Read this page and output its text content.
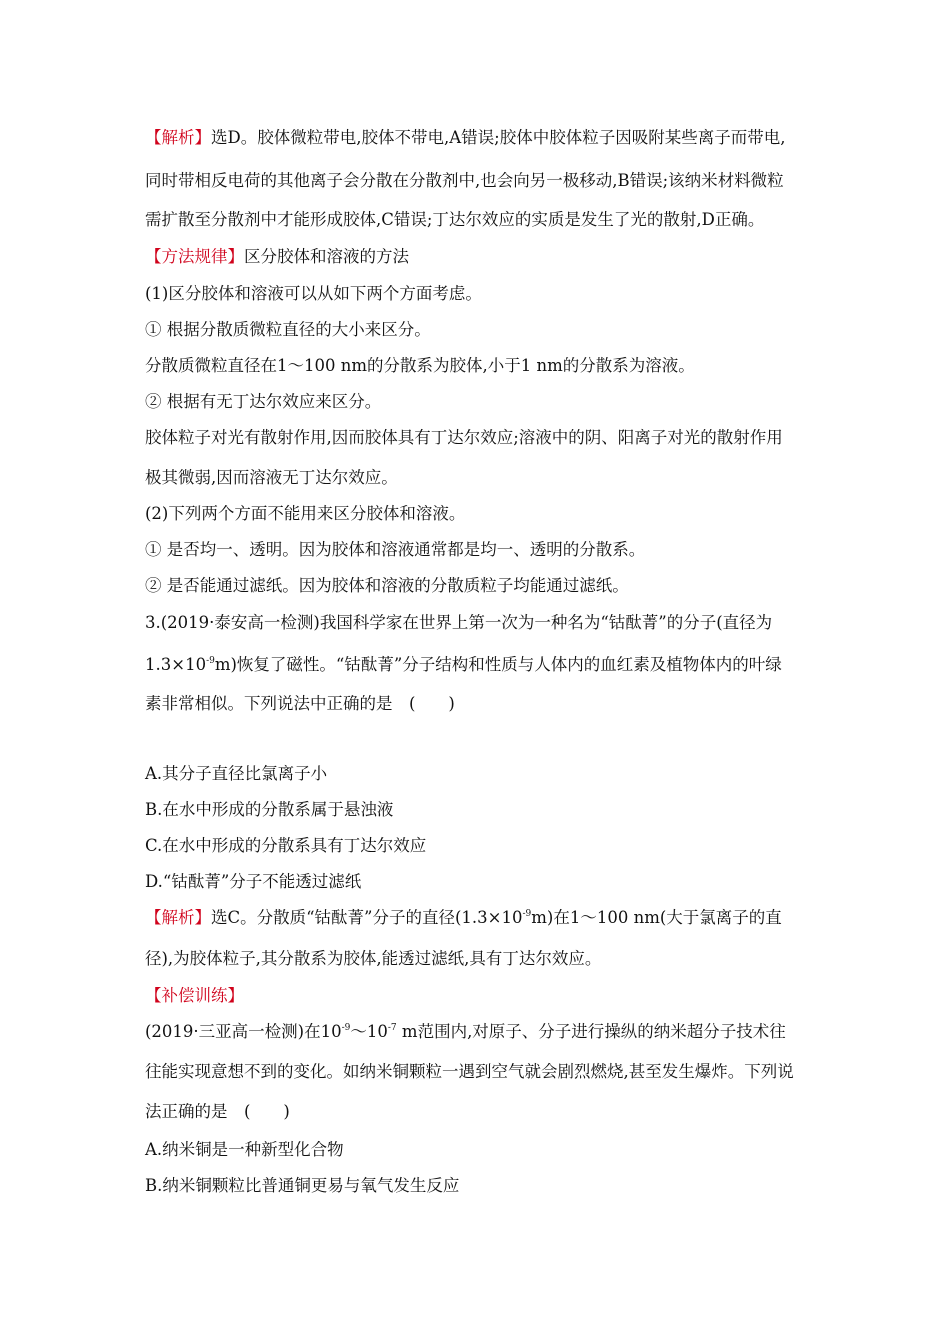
【解析】选D。胶体微粒带电,胶体不带电,A错误;胶体中胶体粒子因吸附某些离子而带电,
同时带相反电荷的其他离子会分散在分散剂中,也会向另一极移动,B错误;该纳米材料微粒
需扩散至分散剂中才能形成胶体,C错误;丁达尔效应的实质是发生了光的散射,D正确。
【方法规律】区分胶体和溶液的方法
(1)区分胶体和溶液可以从如下两个方面考虑。
① 根据分散质微粒直径的大小来区分。
分散质微粒直径在1～100 nm的分散系为胶体,小于1 nm的分散系为溶液。
② 根据有无丁达尔效应来区分。
胶体粒子对光有散射作用,因而胶体具有丁达尔效应;溶液中的阴、阳离子对光的散射作用
极其微弱,因而溶液无丁达尔效应。
(2)下列两个方面不能用来区分胶体和溶液。
① 是否均一、透明。因为胶体和溶液通常都是均一、透明的分散系。
② 是否能通过滤纸。因为胶体和溶液的分散质粒子均能通过滤纸。
3.(2019·泰安高一检测)我国科学家在世界上第一次为一种名为“钴酞菁”的分子(直径为
$1.3\times 10^{-9}m$)恢复了磁性。“钴酞菁”分子结构和性质与人体内的血红素及植物体内的叶绿
素非常相似。下列说法中正确的是　(　　)
A.其分子直径比氯离子小
B.在水中形成的分散系属于悬浊液
C.在水中形成的分散系具有丁达尔效应
D.“钴酞菁”分子不能透过滤纸
【解析】选C。分散质“钴酞菁”分子的直径$(1.3\times 10^{-9}m)$在1～100 nm(大于氯离子的直
径),为胶体粒子,其分散系为胶体,能透过滤纸,具有丁达尔效应。
【补偿训练】
(2019·三亚高一检测)在$10^{-9}\sim 10^{-7}$ m范围内,对原子、分子进行操纵的纳米超分子技术往
往能实现意想不到的变化。如纳米铜颗粒一遇到空气就会剧烈燃烧,甚至发生爆炸。下列说
法正确的是　(　　)
A.纳米铜是一种新型化合物
B.纳米铜颗粒比普通铜更易与氧气发生反应
